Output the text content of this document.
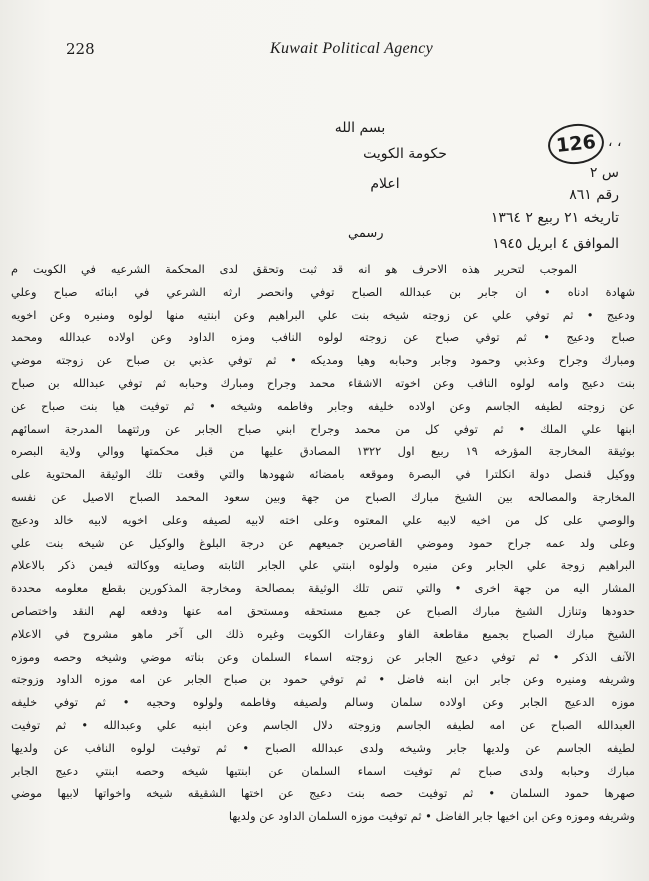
228	Kuwait Political Agency
126 ، ،
بسم الله
حكومة الكويت
اعلام
س ٢
رقم ٨٦١
تاريخه ٢١ ربيع ٢ ١٣٦٤
الموافق ٤ ابريل ١٩٤٥
رسمي
الموجب لتحرير هذه الاحرف هو انه قد ثبت وتحقق لدى المحكمة الشرعيه في الكويت م
شهادة ادناه • ان جابر بن عبدالله الصباح توفي وانحصر ارثه الشرعي في ابنائه صباح وعلي
ودعيج • ثم توفي علي عن زوجته شيخه بنت علي البراهيم وعن ابنتيه منها لولوه ومنيره وعن اخويه
صباح ودعيج • ثم توفي صباح عن زوجته لولوه النافب ومزه الداود وعن اولاده عبدالله ومحمد
ومبارك وجراح وعذبي وحمود وجابر وحبابه وهيا ومديكه • ثم توفي عذبي بن صباح عن زوجته موضي
بنت دعيج وامه لولوه النافب وعن اخوته الاشقاء محمد وجراح ومبارك وحبابه ثم توفي عبدالله بن صباح
عن زوجته لطيفه الجاسم وعن اولاده خليفه وجابر وفاطمه وشيخه • ثم توفيت هيا بنت صباح عن
ابنها علي الملك • ثم توفي كل من محمد وجراح ابني صباح الجابر عن ورثتهما المدرجة اسمائهم
بوثيقة المخارجة المؤرخه ١٩ ربيع اول ١٣٢٢ المصادق عليها من قبل محكمتها ووالي ولاية البصره
ووكيل قنصل دولة انكلترا في البصرة وموقعه بامضائه شهودها والتي وقعت تلك الوثيقة المحتوية على
المخارجة والمصالحه بين الشيخ مبارك الصباح من جهة وبين سعود المحمد الصباح الاصيل عن نفسه
والوصي على كل من اخيه لابيه علي المعتوه وعلى اخته لابيه لصيفه وعلى اخويه لابيه خالد ودعيج
وعلى ولد عمه جراح حمود وموضي القاصرين جميعهم عن درجة البلوغ والوكيل عن شيخه بنت علي
البراهيم زوجة علي الجابر وعن منيره ولولوه ابنتي علي الجابر الثابته وصايته ووكالته فيمن ذكر بالاعلام
المشار اليه من جهة اخرى • والتي تنص تلك الوثيقة بمصالحة ومخارجة المذكورين بقطع معلومه محددة
حدودها وتنازل الشيخ مبارك الصباح عن جميع مستحقه ومستحق امه عنها ودفعه لهم النقد واختصاص
الشيخ مبارك الصباح بجميع مقاطعة الفاو وعقارات الكويت وغيره ذلك الى آخر ماهو مشروح في الاعلام
الآنف الذكر • ثم توفي دعيج الجابر عن زوجته اسماء السلمان وعن بناته موضي وشيخه وحصه وموزه
وشريفه ومنيره وعن جابر ابن ابنه فاضل • ثم توفي حمود بن صباح الجابر عن امه موزه الداود وزوجته
موزه الدعيج الجابر وعن اولاده سلمان وسالم ولصيفه وفاطمه ولولوه وحجيه • ثم توفي خليفه
العبدالله الصباح عن امه لطيفه الجاسم وزوجته دلال الجاسم وعن ابنيه علي وعبدالله • ثم توفيت
لطيفه الجاسم عن ولديها جابر وشيخه ولدى عبدالله الصباح • ثم توفيت لولوه النافب عن ولديها
مبارك وحبابه ولدى صباح ثم توفيت اسماء السلمان عن ابنتيها شيخه وحصه ابنتي دعيج الجابر
صهرها حمود السلمان • ثم توفيت حصه بنت دعيج عن اختها الشقيقه شيخه واخواتها لابيها موضي
وشريفه وموزه وعن ابن اخيها جابر الفاضل • ثم توفيت موزه السلمان الداود عن ولديها
